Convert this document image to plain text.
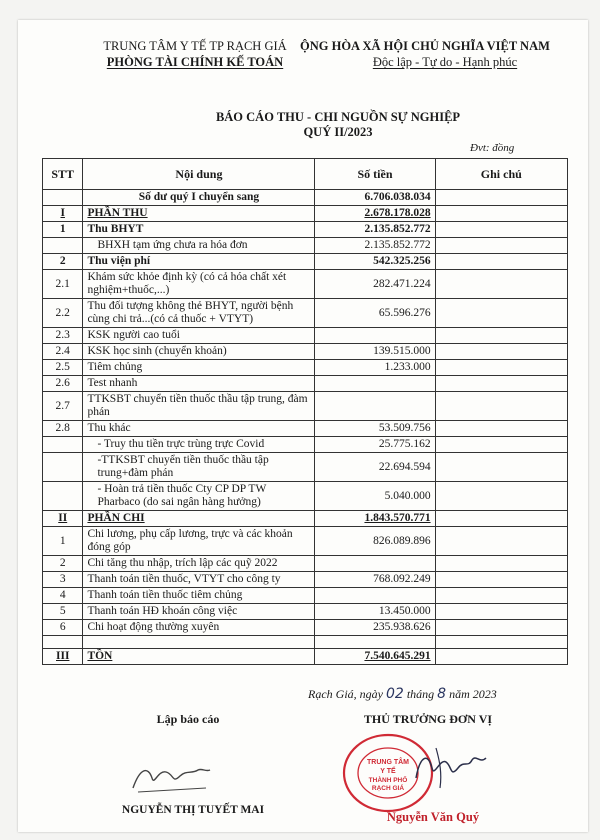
TRUNG TÂM Y TẾ TP RẠCH GIÁ
PHÒNG TÀI CHÍNH KẾ TOÁN
ỘNG HÒA XÃ HỘI CHỦ NGHĨA VIỆT NAM
Độc lập - Tự do - Hạnh phúc
BÁO CÁO THU - CHI NGUỒN SỰ NGHIỆP
QUÝ II/2023
Đvt: đồng
STT	Nội dung	Số tiền	Ghi chú
	Số dư quý I chuyển sang	6.706.038.034	
I	PHẦN THU	2.678.178.028	
1	Thu BHYT	2.135.852.772	
	BHXH tạm ứng chưa ra hóa đơn	2.135.852.772	
2	Thu viện phí	542.325.256	
2.1	Khám sức khỏe định kỳ (có cả hóa chất xét nghiệm+thuốc,...)	282.471.224	
2.2	Thu đối tượng không thẻ BHYT, người bệnh cùng chi trả...(có cả thuốc + VTYT)	65.596.276	
2.3	KSK người cao tuổi		
2.4	KSK học sinh (chuyển khoản)	139.515.000	
2.5	Tiêm chủng	1.233.000	
2.6	Test nhanh		
2.7	TTKSBT chuyển tiền thuốc thầu tập trung, đàm phán		
2.8	Thu khác	53.509.756	
	- Truy thu tiền trực trùng trực Covid	25.775.162	
	-TTKSBT chuyển tiền thuốc thầu tập trung+đàm phán	22.694.594	
	- Hoàn trả tiền thuốc Cty CP DP TW Pharbaco (do sai ngân hàng hưởng)	5.040.000	
II	PHẦN CHI	1.843.570.771	
1	Chi lương, phụ cấp lương, trực và các khoản đóng góp	826.089.896	
2	Chi tăng thu nhập, trích lập các quỹ 2022		
3	Thanh toán tiền thuốc, VTYT cho công ty	768.092.249	
4	Thanh toán tiền thuốc tiêm chủng		
5	Thanh toán HĐ khoán công việc	13.450.000	
6	Chi hoạt động thường xuyên	235.938.626	

III	TỒN	7.540.645.291	
Rạch Giá, ngày 02 tháng 8 năm 2023
Lập báo cáo	THỦ TRƯỞNG ĐƠN VỊ
TRUNG TÂM
Y TẾ
THÀNH PHỐ
RẠCH GIÁ
NGUYỄN THỊ TUYẾT MAI	Nguyễn Văn Quý
